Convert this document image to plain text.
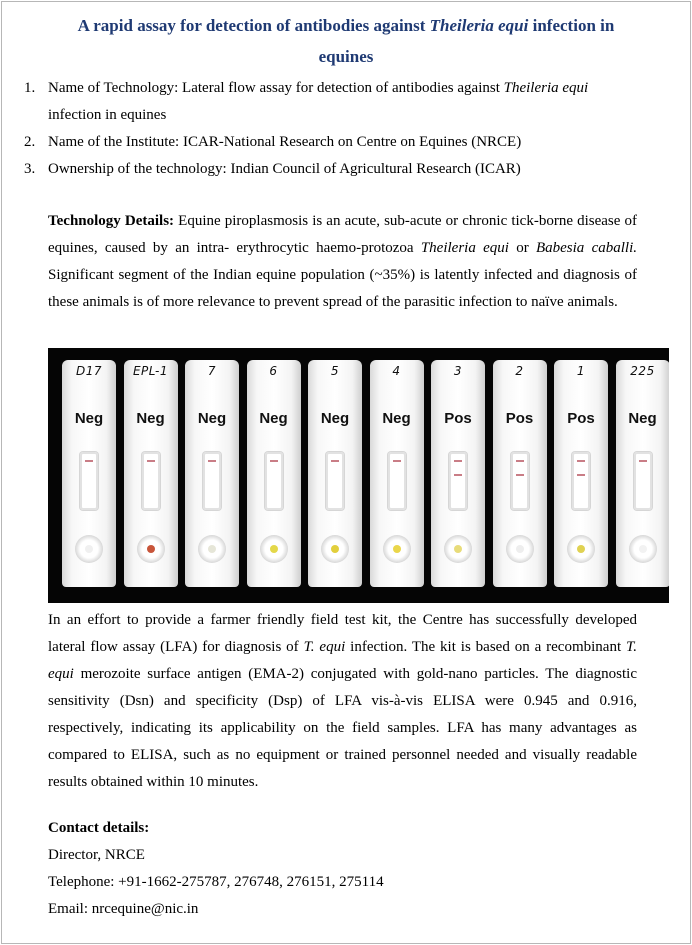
A rapid assay for detection of antibodies against Theileria equi infection in
equines
1. Name of Technology: Lateral flow assay for detection of antibodies against Theileria equi
infection in equines
2. Name of the Institute: ICAR-National Research on Centre on Equines (NRCE)
3. Ownership of the technology: Indian Council of Agricultural Research (ICAR)

Technology Details: Equine piroplasmosis is an acute, sub-acute or chronic tick-borne disease of equines, caused by an intra- erythrocytic haemo-protozoa Theileria equi or Babesia caballi. Significant segment of the Indian equine population (~35%) is latently infected and diagnosis of these animals is of more relevance to prevent spread of the parasitic infection to naïve animals.

D17
Neg
EPL-1
Neg
7
Neg
6
Neg
5
Neg
4
Neg
3
Pos
2
Pos
1
Pos
225
Neg

In an effort to provide a farmer friendly field test kit, the Centre has successfully developed lateral flow assay (LFA) for diagnosis of T. equi infection. The kit is based on a recombinant T. equi merozoite surface antigen (EMA-2) conjugated with gold-nano particles. The diagnostic sensitivity (Dsn) and specificity (Dsp) of LFA vis-à-vis ELISA were 0.945 and 0.916, respectively, indicating its applicability on the field samples. LFA has many advantages as compared to ELISA, such as no equipment or trained personnel needed and visually readable results obtained within 10 minutes.

Contact details:
Director, NRCE
Telephone: +91-1662-275787, 276748, 276151, 275114
Email: nrcequine@nic.in
